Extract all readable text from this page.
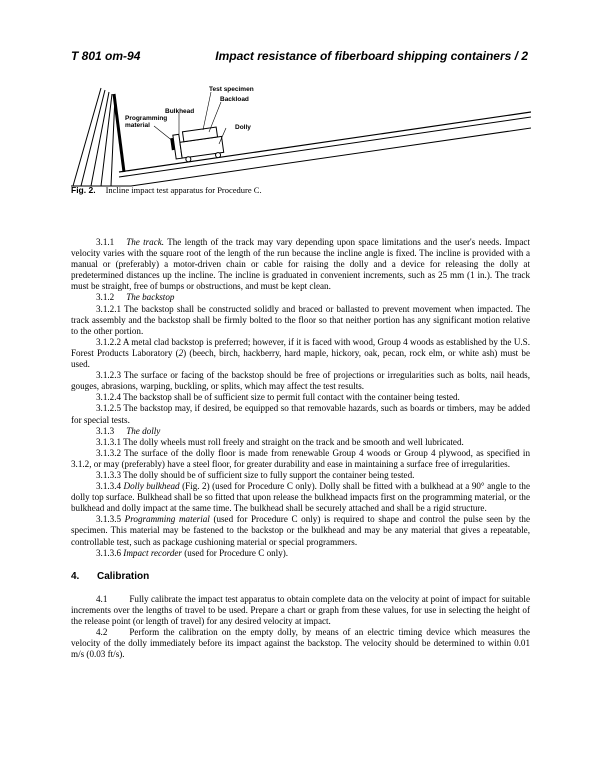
T 801 om-94	Impact resistance of fiberboard shipping containers / 2
Test specimen
Backload
Bulkhead
Programming
material	Dolly
Fig. 2. Incline impact test apparatus for Procedure C.

3.1.1 The track. The length of the track may vary depending upon space limitations and the user's needs. Impact velocity varies with the square root of the length of the run because the incline angle is fixed. The incline is provided with a manual or (preferably) a motor-driven chain or cable for raising the dolly and a device for releasing the dolly at predetermined distances up the incline. The incline is graduated in convenient increments, such as 25 mm (1 in.). The track must be straight, free of bumps or obstructions, and must be kept clean.

3.1.2 The backstop

3.1.2.1 The backstop shall be constructed solidly and braced or ballasted to prevent movement when impacted. The track assembly and the backstop shall be firmly bolted to the floor so that neither portion has any significant motion relative to the other portion.

3.1.2.2 A metal clad backstop is preferred; however, if it is faced with wood, Group 4 woods as established by the U.S. Forest Products Laboratory (2) (beech, birch, hackberry, hard maple, hickory, oak, pecan, rock elm, or white ash) must be used.

3.1.2.3 The surface or facing of the backstop should be free of projections or irregularities such as bolts, nail heads, gouges, abrasions, warping, buckling, or splits, which may affect the test results.

3.1.2.4 The backstop shall be of sufficient size to permit full contact with the container being tested.

3.1.2.5 The backstop may, if desired, be equipped so that removable hazards, such as boards or timbers, may be added for special tests.

3.1.3 The dolly

3.1.3.1 The dolly wheels must roll freely and straight on the track and be smooth and well lubricated.

3.1.3.2 The surface of the dolly floor is made from renewable Group 4 woods or Group 4 plywood, as specified in 3.1.2, or may (preferably) have a steel floor, for greater durability and ease in maintaining a surface free of irregularities.

3.1.3.3 The dolly should be of sufficient size to fully support the container being tested.

3.1.3.4 Dolly bulkhead (Fig. 2) (used for Procedure C only). Dolly shall be fitted with a bulkhead at a 90° angle to the dolly top surface. Bulkhead shall be so fitted that upon release the bulkhead impacts first on the programming material, or the bulkhead and dolly impact at the same time. The bulkhead shall be securely attached and shall be a rigid structure.

3.1.3.5 Programming material (used for Procedure C only) is required to shape and control the pulse seen by the specimen. This material may be fastened to the backstop or the bulkhead and may be any material that gives a repeatable, controllable test, such as package cushioning material or special programmers.

3.1.3.6 Impact recorder (used for Procedure C only).

4. Calibration

4.1 Fully calibrate the impact test apparatus to obtain complete data on the velocity at point of impact for suitable increments over the lengths of travel to be used. Prepare a chart or graph from these values, for use in selecting the height of the release point (or length of travel) for any desired velocity at impact.

4.2 Perform the calibration on the empty dolly, by means of an electric timing device which measures the velocity of the dolly immediately before its impact against the backstop. The velocity should be determined to within 0.01 m/s (0.03 ft/s).
